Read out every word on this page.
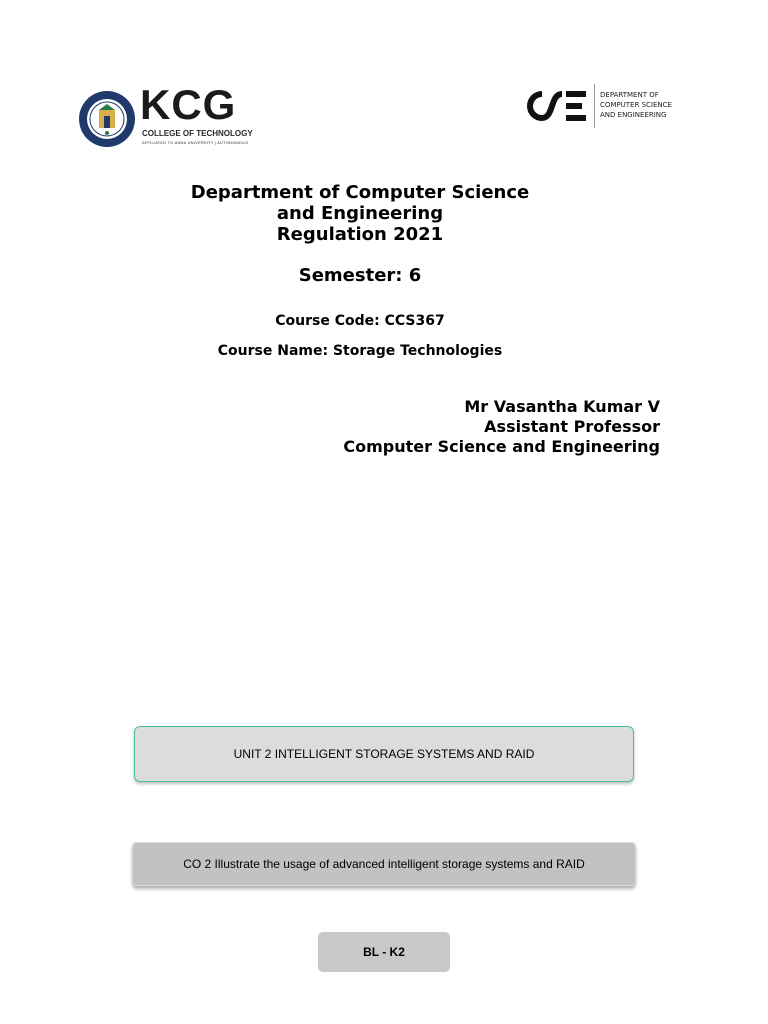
KCG
COLLEGE OF TECHNOLOGY
AFFILIATED TO ANNA UNIVERSITY | AUTONOMOUS
DEPARTMENT OF
COMPUTER SCIENCE
AND ENGINEERING
Department of Computer Science
and Engineering
Regulation 2021
Semester: 6
Course Code: CCS367
Course Name: Storage Technologies
Mr Vasantha Kumar V
Assistant Professor
Computer Science and Engineering
UNIT 2 INTELLIGENT STORAGE SYSTEMS AND RAID
CO 2 Illustrate the usage of advanced intelligent storage systems and RAID
BL - K2
